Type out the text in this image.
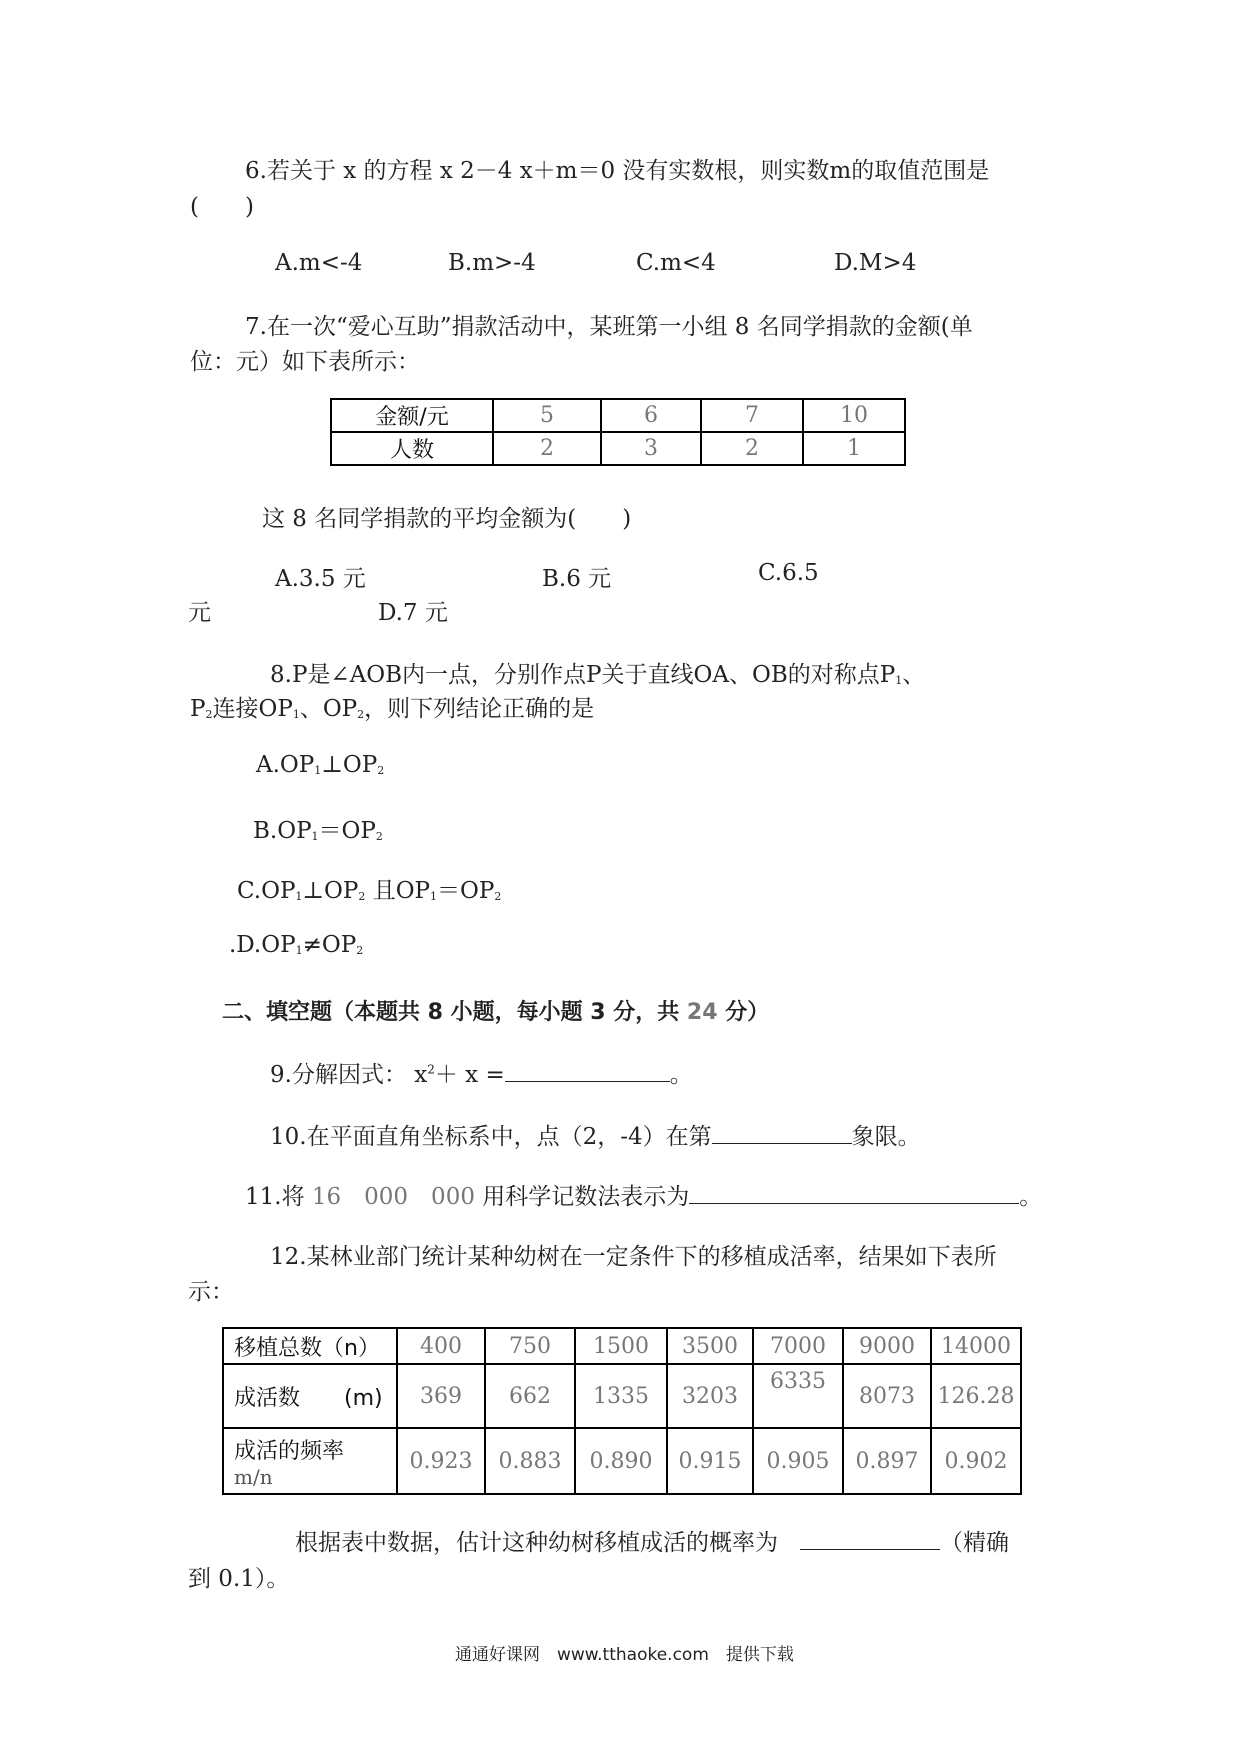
6.若关于 x 的方程 x 2－4 x＋m＝0 没有实数根，则实数m的取值范围是
(　　)
A.m<-4	B.m>-4	C.m<4	D.M>4
7.在一次“爱心互助”捐款活动中，某班第一小组 8 名同学捐款的金额(单
位：元）如下表所示：
金额/元	5	6	7	10
人数	2	3	2	1
这 8 名同学捐款的平均金额为(　　)
A.3.5 元	B.6 元	C.6.5
元	D.7 元
8.P是∠AOB内一点，分别作点P关于直线OA、OB的对称点$P_1$、
$P_2$连接$OP_1$、$OP_2$，则下列结论正确的是
$A.OP_1\perp OP_2$
$B.OP_1=OP_2$
$C.OP_1\perp OP_2$ 且$OP_1=OP_2$
$.D.OP_1\ne OP_2$
二、填空题（本题共 8 小题，每小题 3 分，共 24 分）
9.分解因式： $x^2+ x$ =	。
10.在平面直角坐标系中，点（2，-4）在第	象限。
11.将 16　000　000 用科学记数法表示为	。
12.某林业部门统计某种幼树在一定条件下的移植成活率，结果如下表所
示：
移植总数（n）	400	750	1500	3500	7000	9000	14000
成活数　　(m)	369	662	1335	3203	6335	8073	126.28

成活的频率
m/n	0.923	0.883	0.890	0.915	0.905	0.897	0.902
根据表中数据，估计这种幼树移植成活的概率为	（精确
到 0.1）。
通通好课网　www.tthaoke.com　提供下载
